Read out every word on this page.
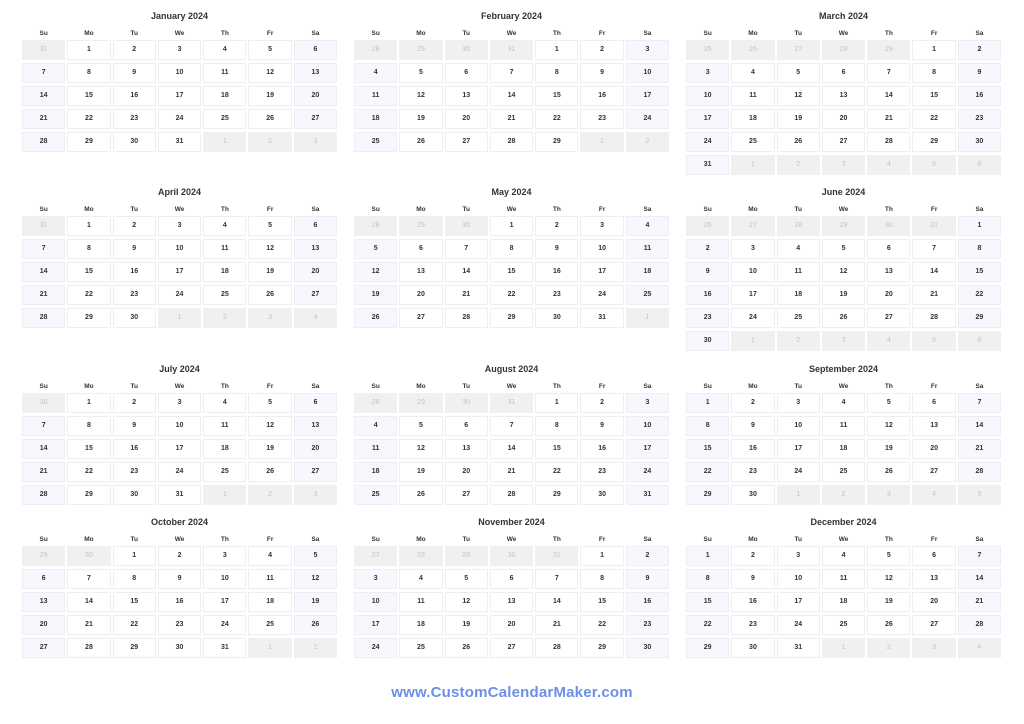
January 2024
Su	Mo	Tu	We	Th	Fr	Sa
31	1	2	3	4	5	6
7	8	9	10	11	12	13
14	15	16	17	18	19	20
21	22	23	24	25	26	27
28	29	30	31	1	2	3
February 2024
Su	Mo	Tu	We	Th	Fr	Sa
28	29	30	31	1	2	3
4	5	6	7	8	9	10
11	12	13	14	15	16	17
18	19	20	21	22	23	24
25	26	27	28	29	1	2
March 2024
Su	Mo	Tu	We	Th	Fr	Sa
25	26	27	28	29	1	2
3	4	5	6	7	8	9
10	11	12	13	14	15	16
17	18	19	20	21	22	23
24	25	26	27	28	29	30
31	1	2	3	4	5	6
April 2024
Su	Mo	Tu	We	Th	Fr	Sa
31	1	2	3	4	5	6
7	8	9	10	11	12	13
14	15	16	17	18	19	20
21	22	23	24	25	26	27
28	29	30	1	2	3	4
May 2024
Su	Mo	Tu	We	Th	Fr	Sa
28	29	30	1	2	3	4
5	6	7	8	9	10	11
12	13	14	15	16	17	18
19	20	21	22	23	24	25
26	27	28	29	30	31	1
June 2024
Su	Mo	Tu	We	Th	Fr	Sa
26	27	28	29	30	31	1
2	3	4	5	6	7	8
9	10	11	12	13	14	15
16	17	18	19	20	21	22
23	24	25	26	27	28	29
30	1	2	3	4	5	6
July 2024
Su	Mo	Tu	We	Th	Fr	Sa
30	1	2	3	4	5	6
7	8	9	10	11	12	13
14	15	16	17	18	19	20
21	22	23	24	25	26	27
28	29	30	31	1	2	3
August 2024
Su	Mo	Tu	We	Th	Fr	Sa
28	29	30	31	1	2	3
4	5	6	7	8	9	10
11	12	13	14	15	16	17
18	19	20	21	22	23	24
25	26	27	28	29	30	31
September 2024
Su	Mo	Tu	We	Th	Fr	Sa
1	2	3	4	5	6	7
8	9	10	11	12	13	14
15	16	17	18	19	20	21
22	23	24	25	26	27	28
29	30	1	2	3	4	5
October 2024
Su	Mo	Tu	We	Th	Fr	Sa
29	30	1	2	3	4	5
6	7	8	9	10	11	12
13	14	15	16	17	18	19
20	21	22	23	24	25	26
27	28	29	30	31	1	2
November 2024
Su	Mo	Tu	We	Th	Fr	Sa
27	28	29	30	31	1	2
3	4	5	6	7	8	9
10	11	12	13	14	15	16
17	18	19	20	21	22	23
24	25	26	27	28	29	30
December 2024
Su	Mo	Tu	We	Th	Fr	Sa
1	2	3	4	5	6	7
8	9	10	11	12	13	14
15	16	17	18	19	20	21
22	23	24	25	26	27	28
29	30	31	1	2	3	4
www.CustomCalendarMaker.com
